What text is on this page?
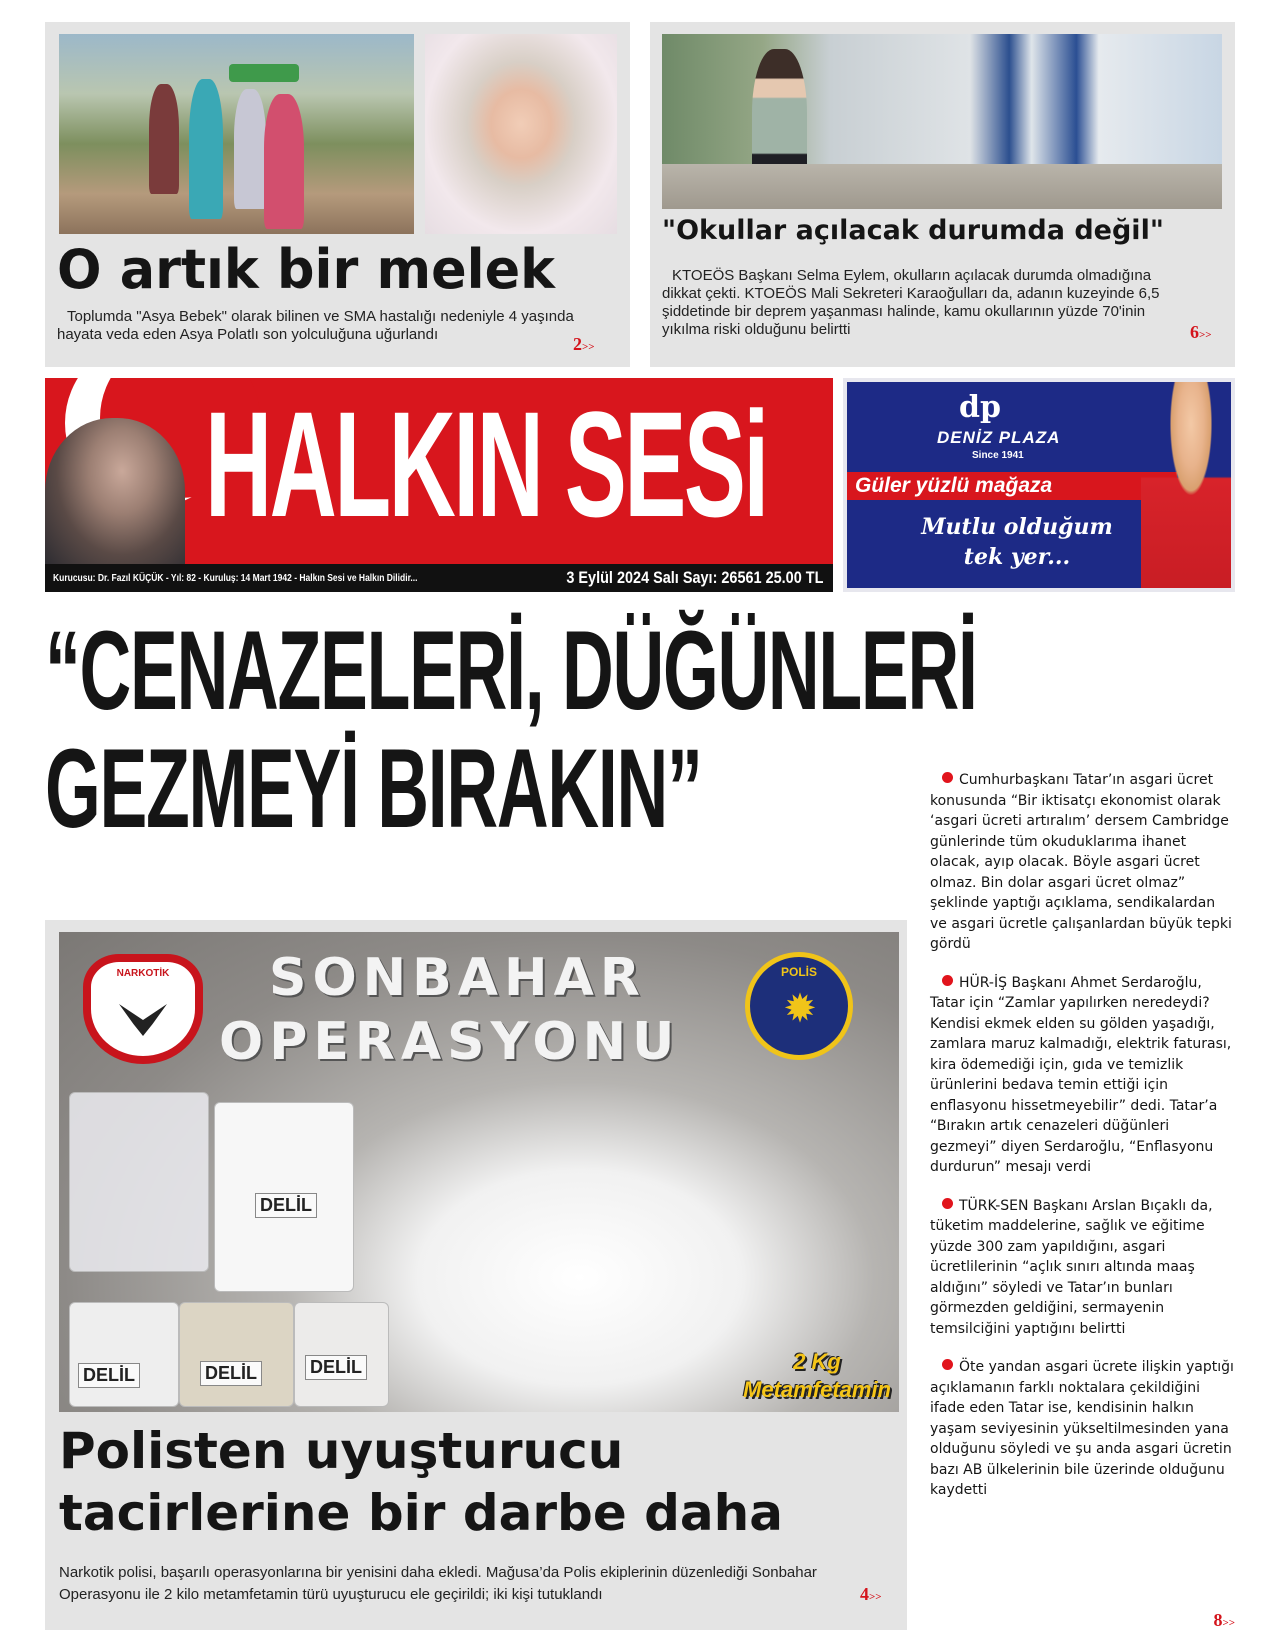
O artık bir melek

Toplumda "Asya Bebek" olarak bilinen ve SMA hastalığı nedeniyle 4 yaşında hayata veda eden Asya Polatlı son yolculuğuna uğurlandı	2>>
"Okullar açılacak durumda değil"

KTOEÖS Başkanı Selma Eylem, okulların açılacak durumda olmadığına dikkat çekti. KTOEÖS Mali Sekreteri Karaoğulları da, adanın kuzeyinde 6,5 şiddetinde bir deprem yaşanması halinde, kamu okullarının yüzde 70'inin yıkılma riski olduğunu belirtti	6>>
HALKIN SESi
Kurucusu: Dr. Fazıl KÜÇÜK - Yıl: 82 - Kuruluş: 14 Mart 1942 - Halkın Sesi ve Halkın Dilidir...	3 Eylül 2024 Salı Sayı: 26561 25.00 TL
dp
DENİZ PLAZA
Since 1941
Güler yüzlü mağaza
Mutlu olduğum
tek yer...
“CENAZELERİ, DÜĞÜNLERİ
GEZMEYİ BIRAKIN”
NARKOTİK	POLİS
✹
SONBAHAR
OPERASYONU
DELİL
DELİL	DELİL	DELİL	2 Kg
Metamfetamin
Polisten uyuşturucu
tacirlerine bir darbe daha

Narkotik polisi, başarılı operasyonlarına bir yenisini daha ekledi. Mağusa’da Polis ekiplerinin düzenlediği Sonbahar Operasyonu ile 2 kilo metamfetamin türü uyuşturucu ele geçirildi; iki kişi tutuklandı	4>>

Cumhurbaşkanı Tatar’ın asgari ücret konusunda “Bir iktisatçı ekonomist olarak ‘asgari ücreti artıralım’ dersem Cambridge günlerinde tüm okuduklarıma ihanet olacak, ayıp olacak. Böyle asgari ücret olmaz. Bin dolar asgari ücret olmaz” şeklinde yaptığı açıklama, sendikalardan ve asgari ücretle çalışanlardan büyük tepki gördü

HÜR-İŞ Başkanı Ahmet Serdaroğlu, Tatar için “Zamlar yapılırken neredeydi? Kendisi ekmek elden su gölden yaşadığı, zamlara maruz kalmadığı, elektrik faturası, kira ödemediği için, gıda ve temizlik ürünlerini bedava temin ettiği için enflasyonu hissetmeyebilir” dedi. Tatar’a “Bırakın artık cenazeleri düğünleri gezmeyi” diyen Serdaroğlu, “Enflasyonu durdurun” mesajı verdi

TÜRK-SEN Başkanı Arslan Bıçaklı da, tüketim maddelerine, sağlık ve eğitime yüzde 300 zam yapıldığını, asgari ücretlilerinin “açlık sınırı altında maaş aldığını” söyledi ve Tatar’ın bunları görmezden geldiğini, sermayenin temsilciğini yaptığını belirtti

Öte yandan asgari ücrete ilişkin yaptığı açıklamanın farklı noktalara çekildiğini ifade eden Tatar ise, kendisinin halkın yaşam seviyesinin yükseltilmesinden yana olduğunu söyledi ve şu anda asgari ücretin bazı AB ülkelerinin bile üzerinde olduğunu kaydetti

8>>
